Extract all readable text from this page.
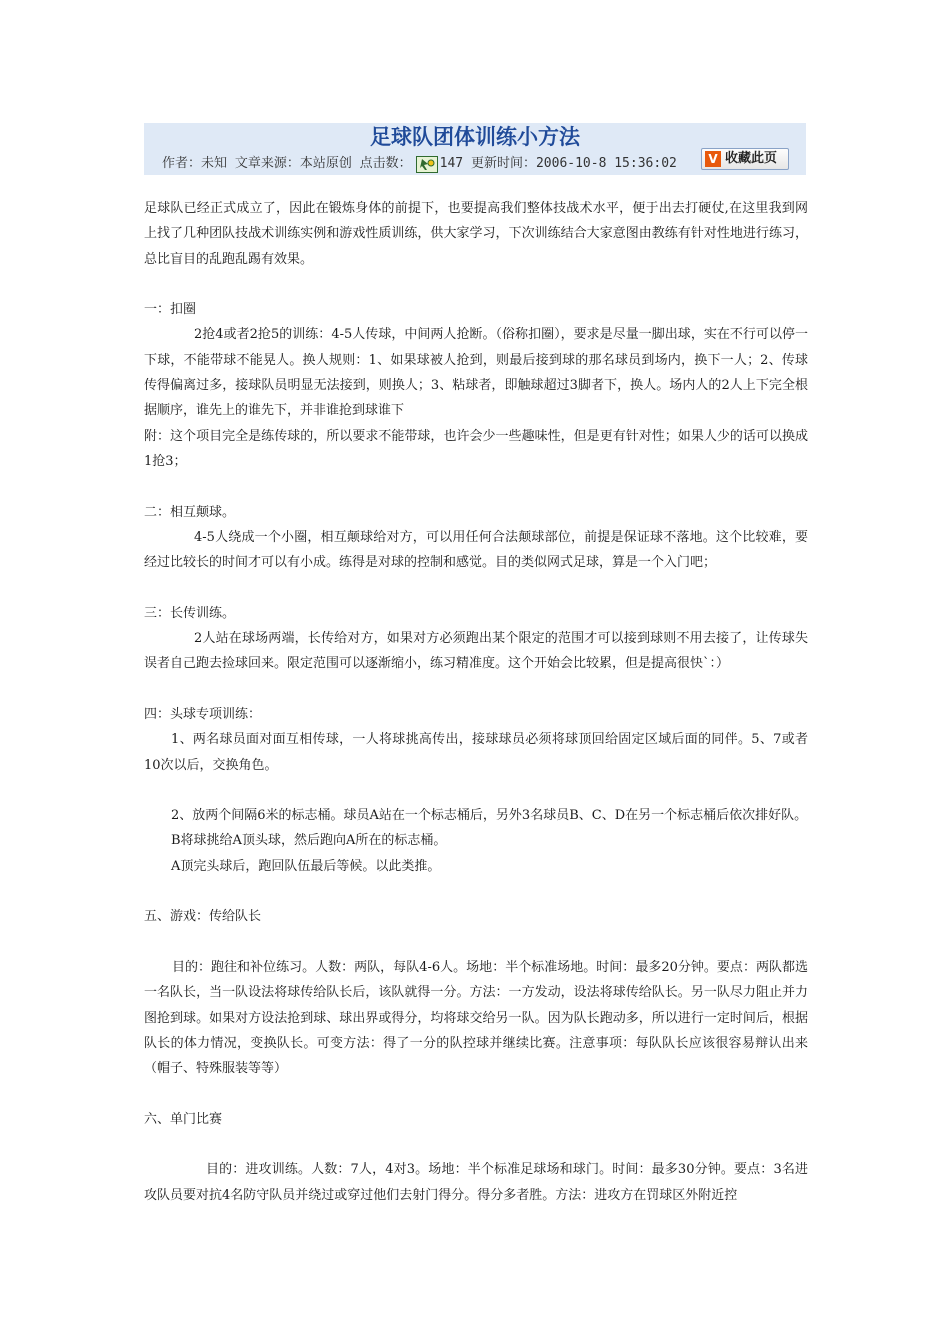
足球队团体训练小方法
作者：未知 文章来源：本站原创 点击数： 147 更新时间：2006-10-8 15:36:02	V 收藏此页

足球队已经正式成立了，因此在锻炼身体的前提下，也要提高我们整体技战术水平，便于出去打硬仗,在这里我到网上找了几种团队技战术训练实例和游戏性质训练，供大家学习，下次训练结合大家意图由教练有针对性地进行练习，总比盲目的乱跑乱踢有效果。

一：扣圈

2抢4或者2抢5的训练：4-5人传球，中间两人抢断。（俗称扣圈），要求是尽量一脚出球，实在不行可以停一下球，不能带球不能晃人。换人规则：1、如果球被人抢到，则最后接到球的那名球员到场内，换下一人；2、传球传得偏离过多，接球队员明显无法接到，则换人；3、粘球者，即触球超过3脚者下，换人。场内人的2人上下完全根据顺序，谁先上的谁先下，并非谁抢到球谁下

附：这个项目完全是练传球的，所以要求不能带球，也许会少一些趣味性，但是更有针对性；如果人少的话可以换成1抢3；

二：相互颠球。

4-5人绕成一个小圈，相互颠球给对方，可以用任何合法颠球部位，前提是保证球不落地。这个比较难，要经过比较长的时间才可以有小成。练得是对球的控制和感觉。目的类似网式足球，算是一个入门吧；

三：长传训练。

2人站在球场两端，长传给对方，如果对方必须跑出某个限定的范围才可以接到球则不用去接了，让传球失误者自己跑去捡球回来。限定范围可以逐渐缩小，练习精准度。这个开始会比较累，但是提高很快`：）

四：头球专项训练：

1、两名球员面对面互相传球，一人将球挑高传出，接球球员必须将球顶回给固定区域后面的同伴。5、7或者10次以后，交换角色。

2、放两个间隔6米的标志桶。球员A站在一个标志桶后，另外3名球员B、C、D在另一个标志桶后依次排好队。

B将球挑给A顶头球，然后跑向A所在的标志桶。

A顶完头球后，跑回队伍最后等候。以此类推。

五、游戏：传给队长

目的：跑往和补位练习。人数：两队，每队4-6人。场地：半个标准场地。时间：最多20分钟。要点：两队都选一名队长，当一队设法将球传给队长后，该队就得一分。方法：一方发动，设法将球传给队长。另一队尽力阻止并力图抢到球。如果对方设法抢到球、球出界或得分，均将球交给另一队。因为队长跑动多，所以进行一定时间后，根据队长的体力情况，变换队长。可变方法：得了一分的队控球并继续比赛。注意事项：每队队长应该很容易辩认出来（帽子、特殊服装等等）

六、单门比赛

目的：进攻训练。人数：7人，4对3。场地：半个标准足球场和球门。时间：最多30分钟。要点：3名进攻队员要对抗4名防守队员并绕过或穿过他们去射门得分。得分多者胜。方法：进攻方在罚球区外附近控
